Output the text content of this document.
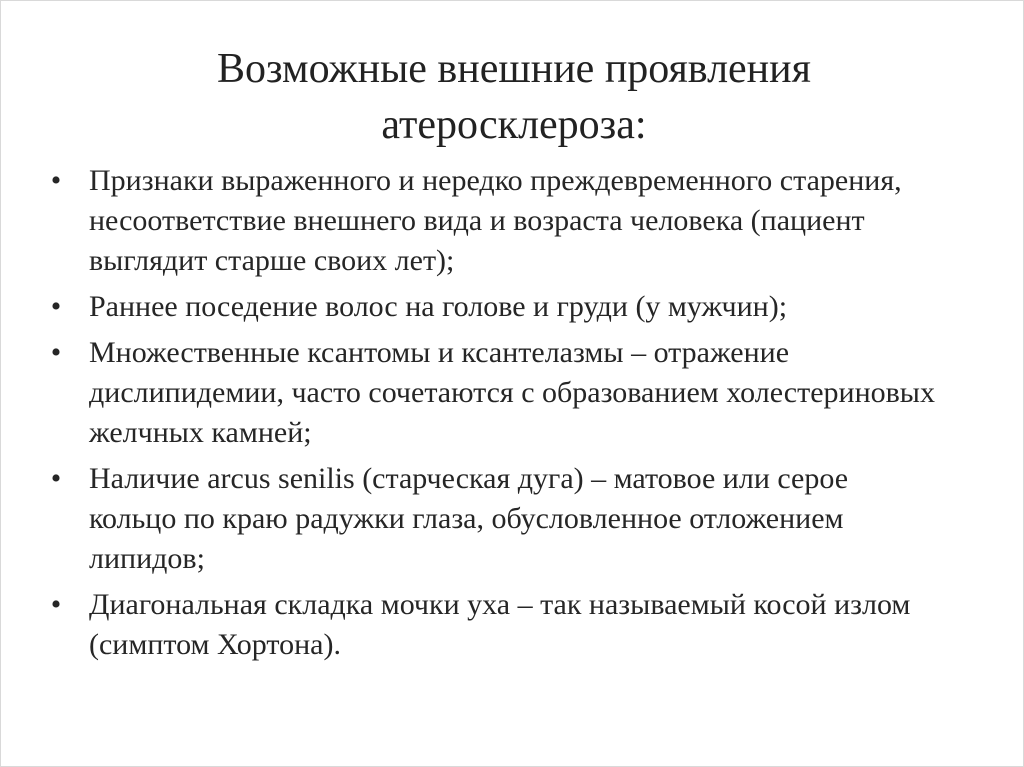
Возможные внешние проявления атеросклероза:
• Признаки выраженного и нередко преждевременного старения, несоответствие внешнего вида и возраста человека (пациент выглядит старше своих лет);
• Раннее поседение волос на голове и груди (у мужчин);
• Множественные ксантомы и ксантелазмы – отражение дислипидемии, часто сочетаются с образованием холестериновых желчных камней;
• Наличие arcus senilis (старческая дуга) – матовое или серое кольцо по краю радужки глаза, обусловленное отложением липидов;
• Диагональная складка мочки уха – так называемый косой излом (симптом Хортона).
